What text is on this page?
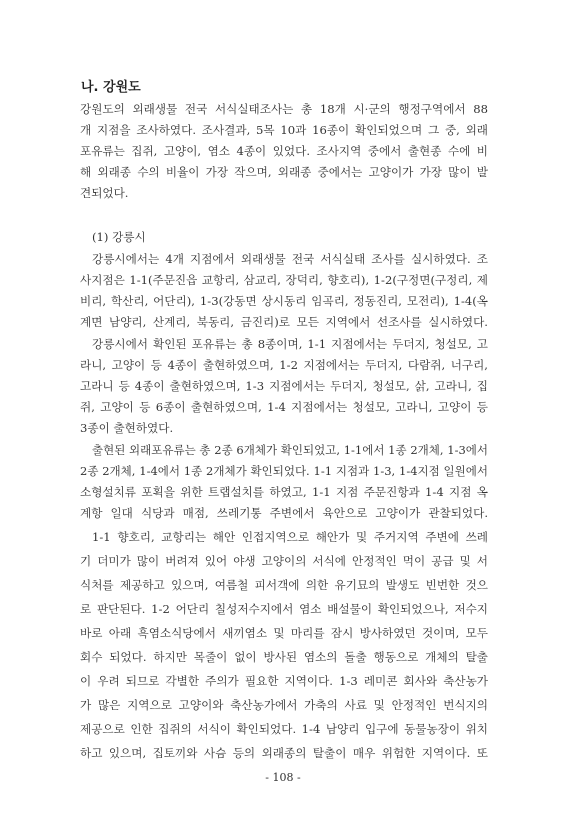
나. 강원도
강원도의 외래생물 전국 서식실태조사는 총 18개 시·군의 행정구역에서 88
개 지점을 조사하였다. 조사결과, 5목 10과 16종이 확인되었으며 그 중, 외래
포유류는 집쥐, 고양이, 염소 4종이 있었다. 조사지역 중에서 출현종 수에 비
해 외래종 수의 비율이 가장 작으며, 외래종 중에서는 고양이가 가장 많이 발
견되었다.
(1) 강릉시
강릉시에서는 4개 지점에서 외래생물 전국 서식실태 조사를 실시하였다. 조
사지점은 1-1(주문진읍 교항리, 삼교리, 장덕리, 향호리), 1-2(구정면(구정리, 제
비리, 학산리, 어단리), 1-3(강동면 상시동리 임곡리, 정동진리, 모전리), 1-4(옥
계면 남양리, 산계리, 북동리, 금진리)로 모든 지역에서 선조사를 실시하였다.
강릉시에서 확인된 포유류는 총 8종이며, 1-1 지점에서는 두더지, 청설모, 고
라니, 고양이 등 4종이 출현하였으며, 1-2 지점에서는 두더지, 다람쥐, 너구리,
고라니 등 4종이 출현하였으며, 1-3 지점에서는 두더지, 청설모, 삵, 고라니, 집
쥐, 고양이 등 6종이 출현하였으며, 1-4 지점에서는 청설모, 고라니, 고양이 등
3종이 출현하였다.
출현된 외래포유류는 총 2종 6개체가 확인되었고, 1-1에서 1종 2개체, 1-3에서
2종 2개체, 1-4에서 1종 2개체가 확인되었다. 1-1 지점과 1-3, 1-4지점 일원에서
소형설치류 포획을 위한 트랩설치를 하였고, 1-1 지점 주문진항과 1-4 지점 옥
계항 일대 식당과 매점, 쓰레기통 주변에서 육안으로 고양이가 관찰되었다.
1-1 향호리, 교항리는 해안 인접지역으로 해안가 및 주거지역 주변에 쓰레
기 더미가 많이 버려져 있어 야생 고양이의 서식에 안정적인 먹이 공급 및 서
식처를 제공하고 있으며, 여름철 피서객에 의한 유기묘의 발생도 빈번한 것으
로 판단된다. 1-2 어단리 칠성저수지에서 염소 배설물이 확인되었으나, 저수지
바로 아래 흑염소식당에서 새끼염소 및 마리를 잠시 방사하였던 것이며, 모두
회수 되었다. 하지만 목줄이 없이 방사된 염소의 돌출 행동으로 개체의 탈출
이 우려 되므로 각별한 주의가 필요한 지역이다. 1-3 레미콘 회사와 축산농가
가 많은 지역으로 고양이와 축산농가에서 가축의 사료 및 안정적인 번식지의
제공으로 인한 집쥐의 서식이 확인되었다. 1-4 남양리 입구에 동물농장이 위치
하고 있으며, 집토끼와 사슴 등의 외래종의 탈출이 매우 위험한 지역이다. 또
- 108 -
